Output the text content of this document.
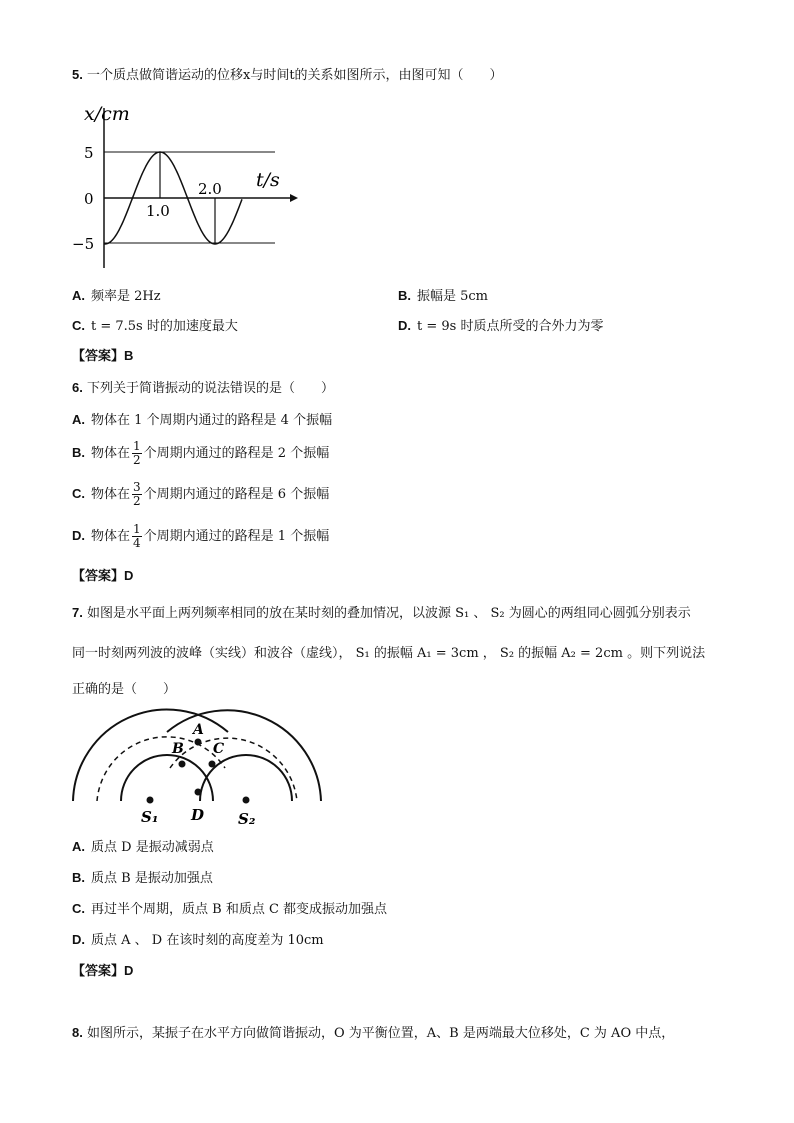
5. 一个质点做简谐运动的位移x与时间t的关系如图所示，由图可知（　　）
x/cm
t/s
5
0
−5
1.0
2.0
A. 频率是 2Hz	B. 振幅是 5cm
C. t = 7.5s 时的加速度最大	D. t = 9s 时质点所受的合外力为零
【答案】B
6. 下列关于简谐振动的说法错误的是（　　）
A. 物体在 1 个周期内通过的路程是 4 个振幅
B. 物体在 $\frac{1}{2}$ 个周期内通过的路程是 2 个振幅
C. 物体在 $\frac{3}{2}$ 个周期内通过的路程是 6 个振幅
D. 物体在 $\frac{1}{4}$ 个周期内通过的路程是 1 个振幅
【答案】D
7. 如图是水平面上两列频率相同的放在某时刻的叠加情况，以波源 S₁ 、 S₂ 为圆心的两组同心圆弧分别表示
同一时刻两列波的波峰（实线）和波谷（虚线）， S₁ 的振幅 A₁ = 3cm ， S₂ 的振幅 A₂ = 2cm 。则下列说法
正确的是（　　）
A
B C
D
S₁	S₂
A. 质点 D 是振动减弱点
B. 质点 B 是振动加强点
C. 再过半个周期，质点 B 和质点 C 都变成振动加强点
D. 质点 A 、 D 在该时刻的高度差为 10cm
【答案】D
8. 如图所示，某振子在水平方向做简谐振动，O 为平衡位置，A、B 是两端最大位移处，C 为 AO 中点，
